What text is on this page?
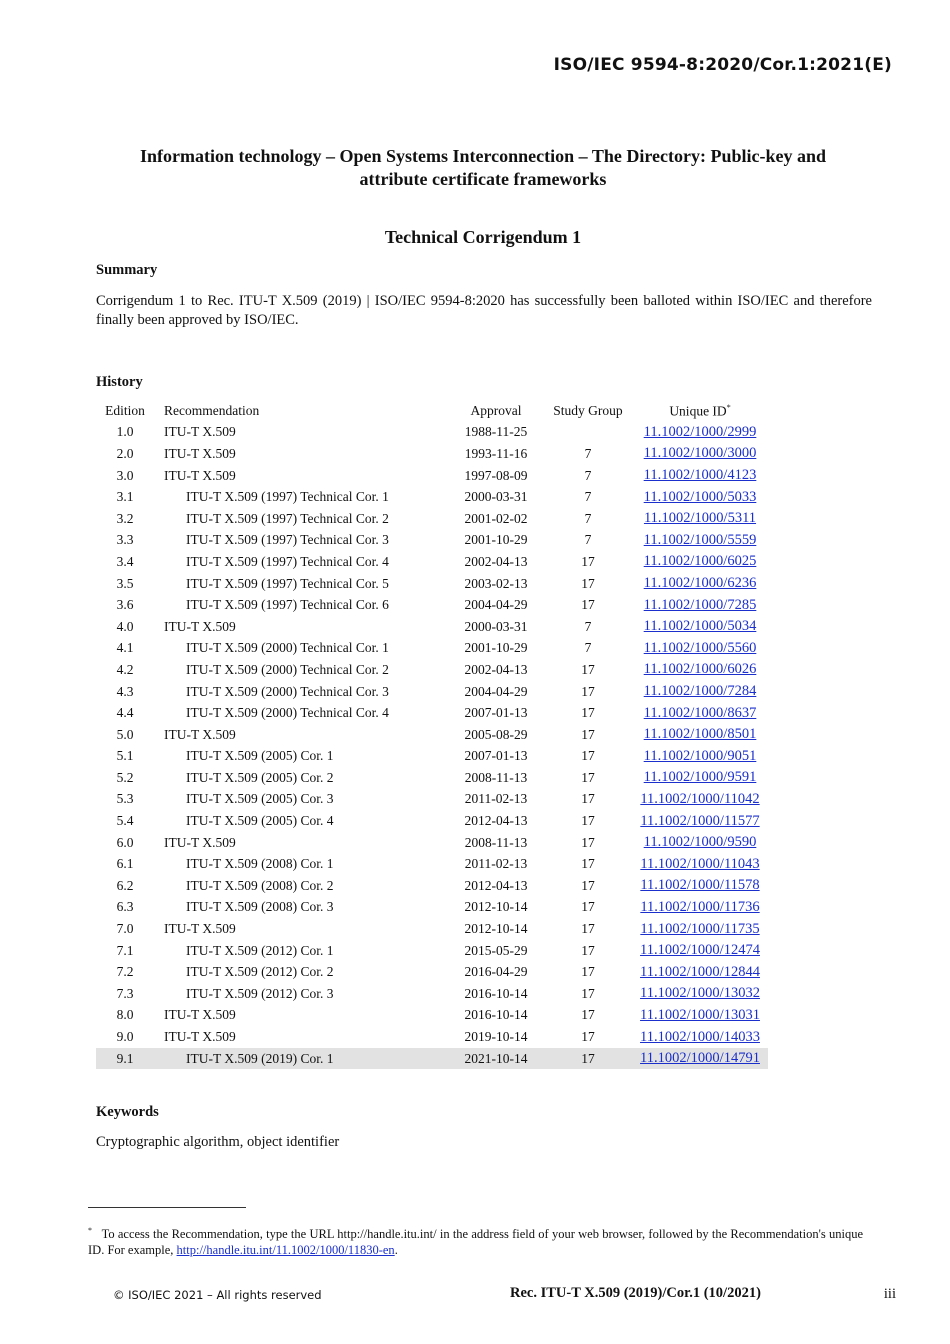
ISO/IEC 9594-8:2020/Cor.1:2021(E)
Information technology – Open Systems Interconnection – The Directory: Public-key and
attribute certificate frameworks
Technical Corrigendum 1
Summary
Corrigendum 1 to Rec. ITU-T X.509 (2019) | ISO/IEC 9594-8:2020 has successfully been balloted within ISO/IEC and therefore finally been approved by ISO/IEC.
History
Edition	Recommendation	Approval	Study Group	Unique ID*
1.0	ITU-T X.509	1988-11-25		11.1002/1000/2999
2.0	ITU-T X.509	1993-11-16	7	11.1002/1000/3000
3.0	ITU-T X.509	1997-08-09	7	11.1002/1000/4123
3.1	ITU-T X.509 (1997) Technical Cor. 1	2000-03-31	7	11.1002/1000/5033
3.2	ITU-T X.509 (1997) Technical Cor. 2	2001-02-02	7	11.1002/1000/5311
3.3	ITU-T X.509 (1997) Technical Cor. 3	2001-10-29	7	11.1002/1000/5559
3.4	ITU-T X.509 (1997) Technical Cor. 4	2002-04-13	17	11.1002/1000/6025
3.5	ITU-T X.509 (1997) Technical Cor. 5	2003-02-13	17	11.1002/1000/6236
3.6	ITU-T X.509 (1997) Technical Cor. 6	2004-04-29	17	11.1002/1000/7285
4.0	ITU-T X.509	2000-03-31	7	11.1002/1000/5034
4.1	ITU-T X.509 (2000) Technical Cor. 1	2001-10-29	7	11.1002/1000/5560
4.2	ITU-T X.509 (2000) Technical Cor. 2	2002-04-13	17	11.1002/1000/6026
4.3	ITU-T X.509 (2000) Technical Cor. 3	2004-04-29	17	11.1002/1000/7284
4.4	ITU-T X.509 (2000) Technical Cor. 4	2007-01-13	17	11.1002/1000/8637
5.0	ITU-T X.509	2005-08-29	17	11.1002/1000/8501
5.1	ITU-T X.509 (2005) Cor. 1	2007-01-13	17	11.1002/1000/9051
5.2	ITU-T X.509 (2005) Cor. 2	2008-11-13	17	11.1002/1000/9591
5.3	ITU-T X.509 (2005) Cor. 3	2011-02-13	17	11.1002/1000/11042
5.4	ITU-T X.509 (2005) Cor. 4	2012-04-13	17	11.1002/1000/11577
6.0	ITU-T X.509	2008-11-13	17	11.1002/1000/9590
6.1	ITU-T X.509 (2008) Cor. 1	2011-02-13	17	11.1002/1000/11043
6.2	ITU-T X.509 (2008) Cor. 2	2012-04-13	17	11.1002/1000/11578
6.3	ITU-T X.509 (2008) Cor. 3	2012-10-14	17	11.1002/1000/11736
7.0	ITU-T X.509	2012-10-14	17	11.1002/1000/11735
7.1	ITU-T X.509 (2012) Cor. 1	2015-05-29	17	11.1002/1000/12474
7.2	ITU-T X.509 (2012) Cor. 2	2016-04-29	17	11.1002/1000/12844
7.3	ITU-T X.509 (2012) Cor. 3	2016-10-14	17	11.1002/1000/13032
8.0	ITU-T X.509	2016-10-14	17	11.1002/1000/13031
9.0	ITU-T X.509	2019-10-14	17	11.1002/1000/14033
9.1	ITU-T X.509 (2019) Cor. 1	2021-10-14	17	11.1002/1000/14791
Keywords
Cryptographic algorithm, object identifier
* To access the Recommendation, type the URL http://handle.itu.int/ in the address field of your web browser, followed by the Recommendation's unique ID. For example, http://handle.itu.int/11.1002/1000/11830-en.
© ISO/IEC 2021 – All rights reserved	Rec. ITU-T X.509 (2019)/Cor.1 (10/2021)	iii
